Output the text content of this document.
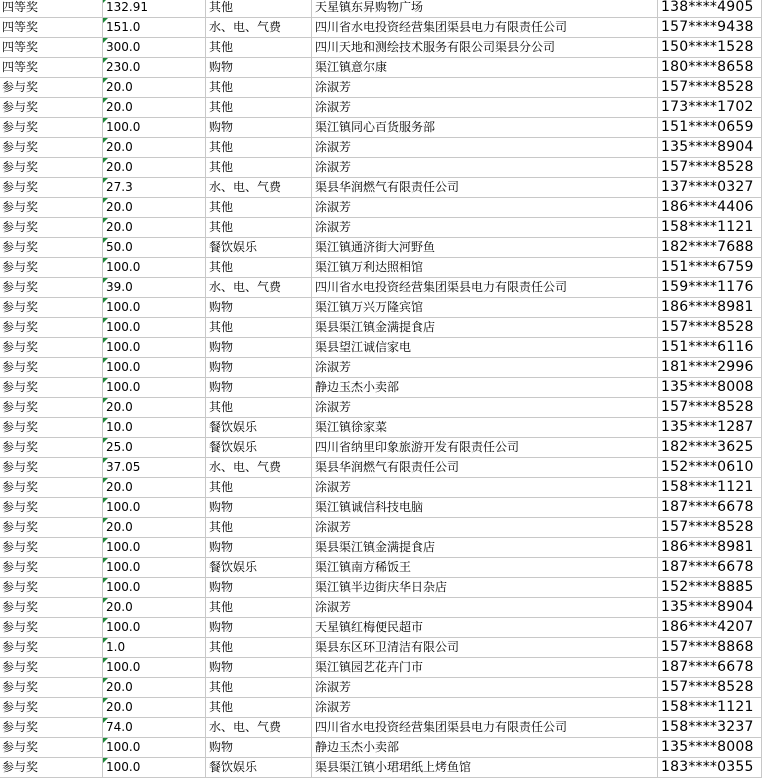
四等奖	132.91	其他	天星镇东昇购物广场	138****4905
四等奖	151.0	水、电、气费	四川省水电投资经营集团渠县电力有限责任公司	157****9438
四等奖	300.0	其他	四川天地和测绘技术服务有限公司渠县分公司	150****1528
四等奖	230.0	购物	渠江镇意尔康	180****8658
参与奖	20.0	其他	涂淑芳	157****8528
参与奖	20.0	其他	涂淑芳	173****1702
参与奖	100.0	购物	渠江镇同心百货服务部	151****0659
参与奖	20.0	其他	涂淑芳	135****8904
参与奖	20.0	其他	涂淑芳	157****8528
参与奖	27.3	水、电、气费	渠县华润燃气有限责任公司	137****0327
参与奖	20.0	其他	涂淑芳	186****4406
参与奖	20.0	其他	涂淑芳	158****1121
参与奖	50.0	餐饮娱乐	渠江镇通济街大河野鱼	182****7688
参与奖	100.0	其他	渠江镇万利达照相馆	151****6759
参与奖	39.0	水、电、气费	四川省水电投资经营集团渠县电力有限责任公司	159****1176
参与奖	100.0	购物	渠江镇万兴万隆宾馆	186****8981
参与奖	100.0	其他	渠县渠江镇金满提食店	157****8528
参与奖	100.0	购物	渠县望江诚信家电	151****6116
参与奖	100.0	购物	涂淑芳	181****2996
参与奖	100.0	购物	静边玉杰小卖部	135****8008
参与奖	20.0	其他	涂淑芳	157****8528
参与奖	10.0	餐饮娱乐	渠江镇徐家菜	135****1287
参与奖	25.0	餐饮娱乐	四川省纳里印象旅游开发有限责任公司	182****3625
参与奖	37.05	水、电、气费	渠县华润燃气有限责任公司	152****0610
参与奖	20.0	其他	涂淑芳	158****1121
参与奖	100.0	购物	渠江镇诚信科技电脑	187****6678
参与奖	20.0	其他	涂淑芳	157****8528
参与奖	100.0	购物	渠县渠江镇金满提食店	186****8981
参与奖	100.0	餐饮娱乐	渠江镇南方稀饭王	187****6678
参与奖	100.0	购物	渠江镇半边街庆华日杂店	152****8885
参与奖	20.0	其他	涂淑芳	135****8904
参与奖	100.0	购物	天星镇红梅便民超市	186****4207
参与奖	1.0	其他	渠县东区环卫清洁有限公司	157****8868
参与奖	100.0	购物	渠江镇园艺花卉门市	187****6678
参与奖	20.0	其他	涂淑芳	157****8528
参与奖	20.0	其他	涂淑芳	158****1121
参与奖	74.0	水、电、气费	四川省水电投资经营集团渠县电力有限责任公司	158****3237
参与奖	100.0	购物	静边玉杰小卖部	135****8008
参与奖	100.0	餐饮娱乐	渠县渠江镇小珺珺纸上烤鱼馆	183****0355
